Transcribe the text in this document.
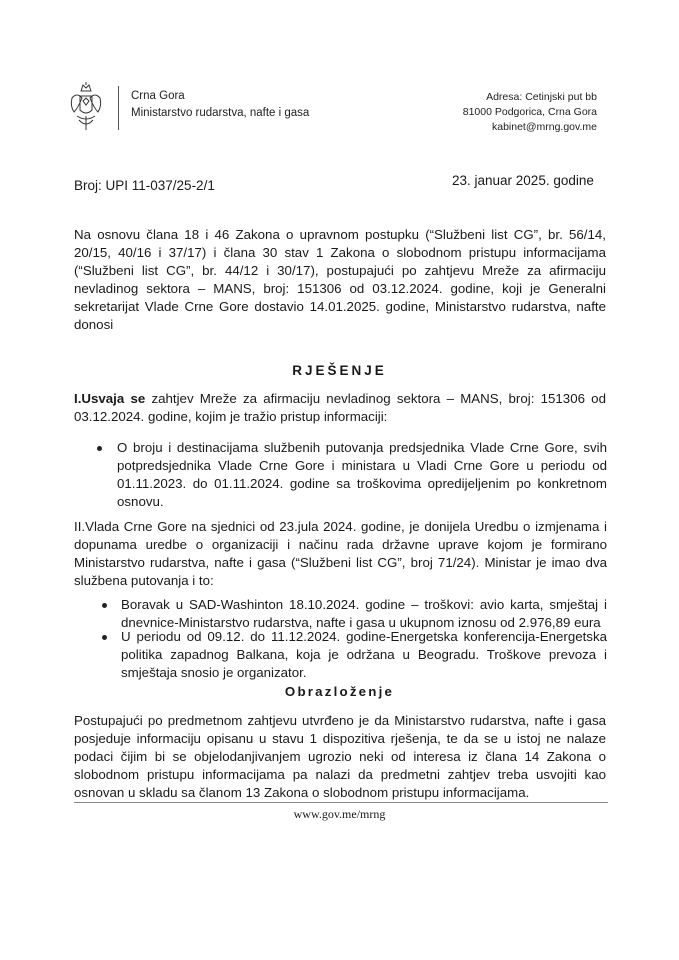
Crna Gora
Ministarstvo rudarstva, nafte i gasa
Adresa: Cetinjski put bb
81000 Podgorica, Crna Gora
kabinet@mrng.gov.me
Broj: UPI 11-037/25-2/1	23. januar 2025. godine
Na osnovu člana 18 i 46 Zakona o upravnom postupku (“Službeni list CG”, br. 56/14,
20/15, 40/16 i 37/17) i člana 30 stav 1 Zakona o slobodnom pristupu informacijama
(“Službeni list CG”, br. 44/12 i 30/17), postupajući po zahtjevu Mreže za afirmaciju
nevladinog sektora – MANS, broj: 151306 od 03.12.2024. godine, koji je Generalni
sekretarijat Vlade Crne Gore dostavio 14.01.2025. godine, Ministarstvo rudarstva, nafte
donosi
RJEŠENJE
I.Usvaja se zahtjev Mreže za afirmaciju nevladinog sektora – MANS, broj: 151306 od
03.12.2024. godine, kojim je tražio pristup informaciji:
O broju i destinacijama službenih putovanja predsjednika Vlade Crne Gore, svih
potpredsjednika Vlade Crne Gore i ministara u Vladi Crne Gore u periodu od
01.11.2023. do 01.11.2024. godine sa troškovima opredijeljenim po konkretnom
osnovu.
II.Vlada Crne Gore na sjednici od 23.jula 2024. godine, je donijela Uredbu o izmjenama i
dopunama uredbe o organizaciji i načinu rada državne uprave kojom je formirano
Ministarstvo rudarstva, nafte i gasa (“Službeni list CG”, broj 71/24). Ministar je imao dva
službena putovanja i to:
Boravak u SAD-Washinton 18.10.2024. godine – troškovi: avio karta, smještaj i
dnevnice-Ministarstvo rudarstva, nafte i gasa u ukupnom iznosu od 2.976,89 eura
U periodu od 09.12. do 11.12.2024. godine-Energetska konferencija-Energetska
politika zapadnog Balkana, koja je održana u Beogradu. Troškove prevoza i
smještaja snosio je organizator.
Obrazloženje
Postupajući po predmetnom zahtjevu utvrđeno je da Ministarstvo rudarstva, nafte i gasa
posjeduje informaciju opisanu u stavu 1 dispozitiva rješenja, te da se u istoj ne nalaze
podaci čijim bi se objelodanjivanjem ugrozio neki od interesa iz člana 14 Zakona o
slobodnom pristupu informacijama pa nalazi da predmetni zahtjev treba usvojiti kao
osnovan u skladu sa članom 13 Zakona o slobodnom pristupu informacijama.
www.gov.me/mrng
